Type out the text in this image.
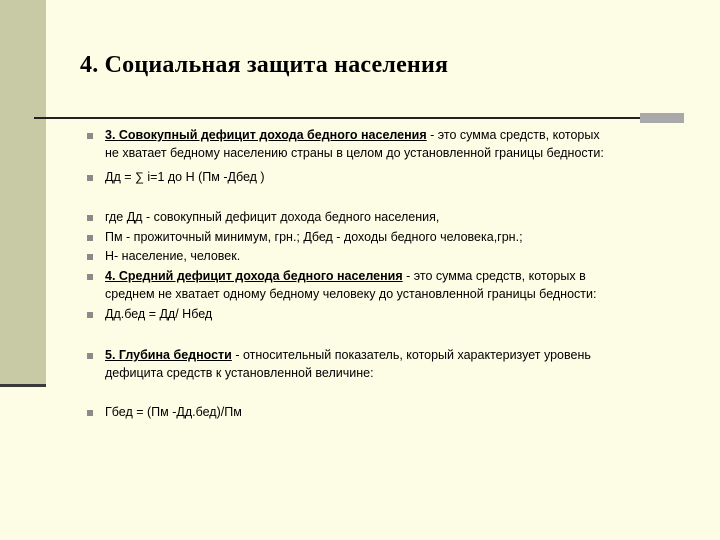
4. Социальная защита населения
3. Совокупный дефицит дохода бедного населения - это сумма средств, которых
не хватает бедному населению страны в целом до установленной границы бедности:
Дд = ∑ i=1 до Н (Пм -Дбед )
где Дд - совокупный дефицит дохода бедного населения,
Пм - прожиточный минимум, грн.; Дбед - доходы бедного человека,грн.;
Н- население, человек.
4. Средний дефицит дохода бедного населения - это сумма средств, которых в
среднем не хватает одному бедному человеку до установленной границы бедности:
Дд.бед = Дд/ Нбед
5. Глубина бедности - относительный показатель, который характеризует уровень
дефицита средств к установленной величине:
Гбед = (Пм -Дд.бед)/Пм
